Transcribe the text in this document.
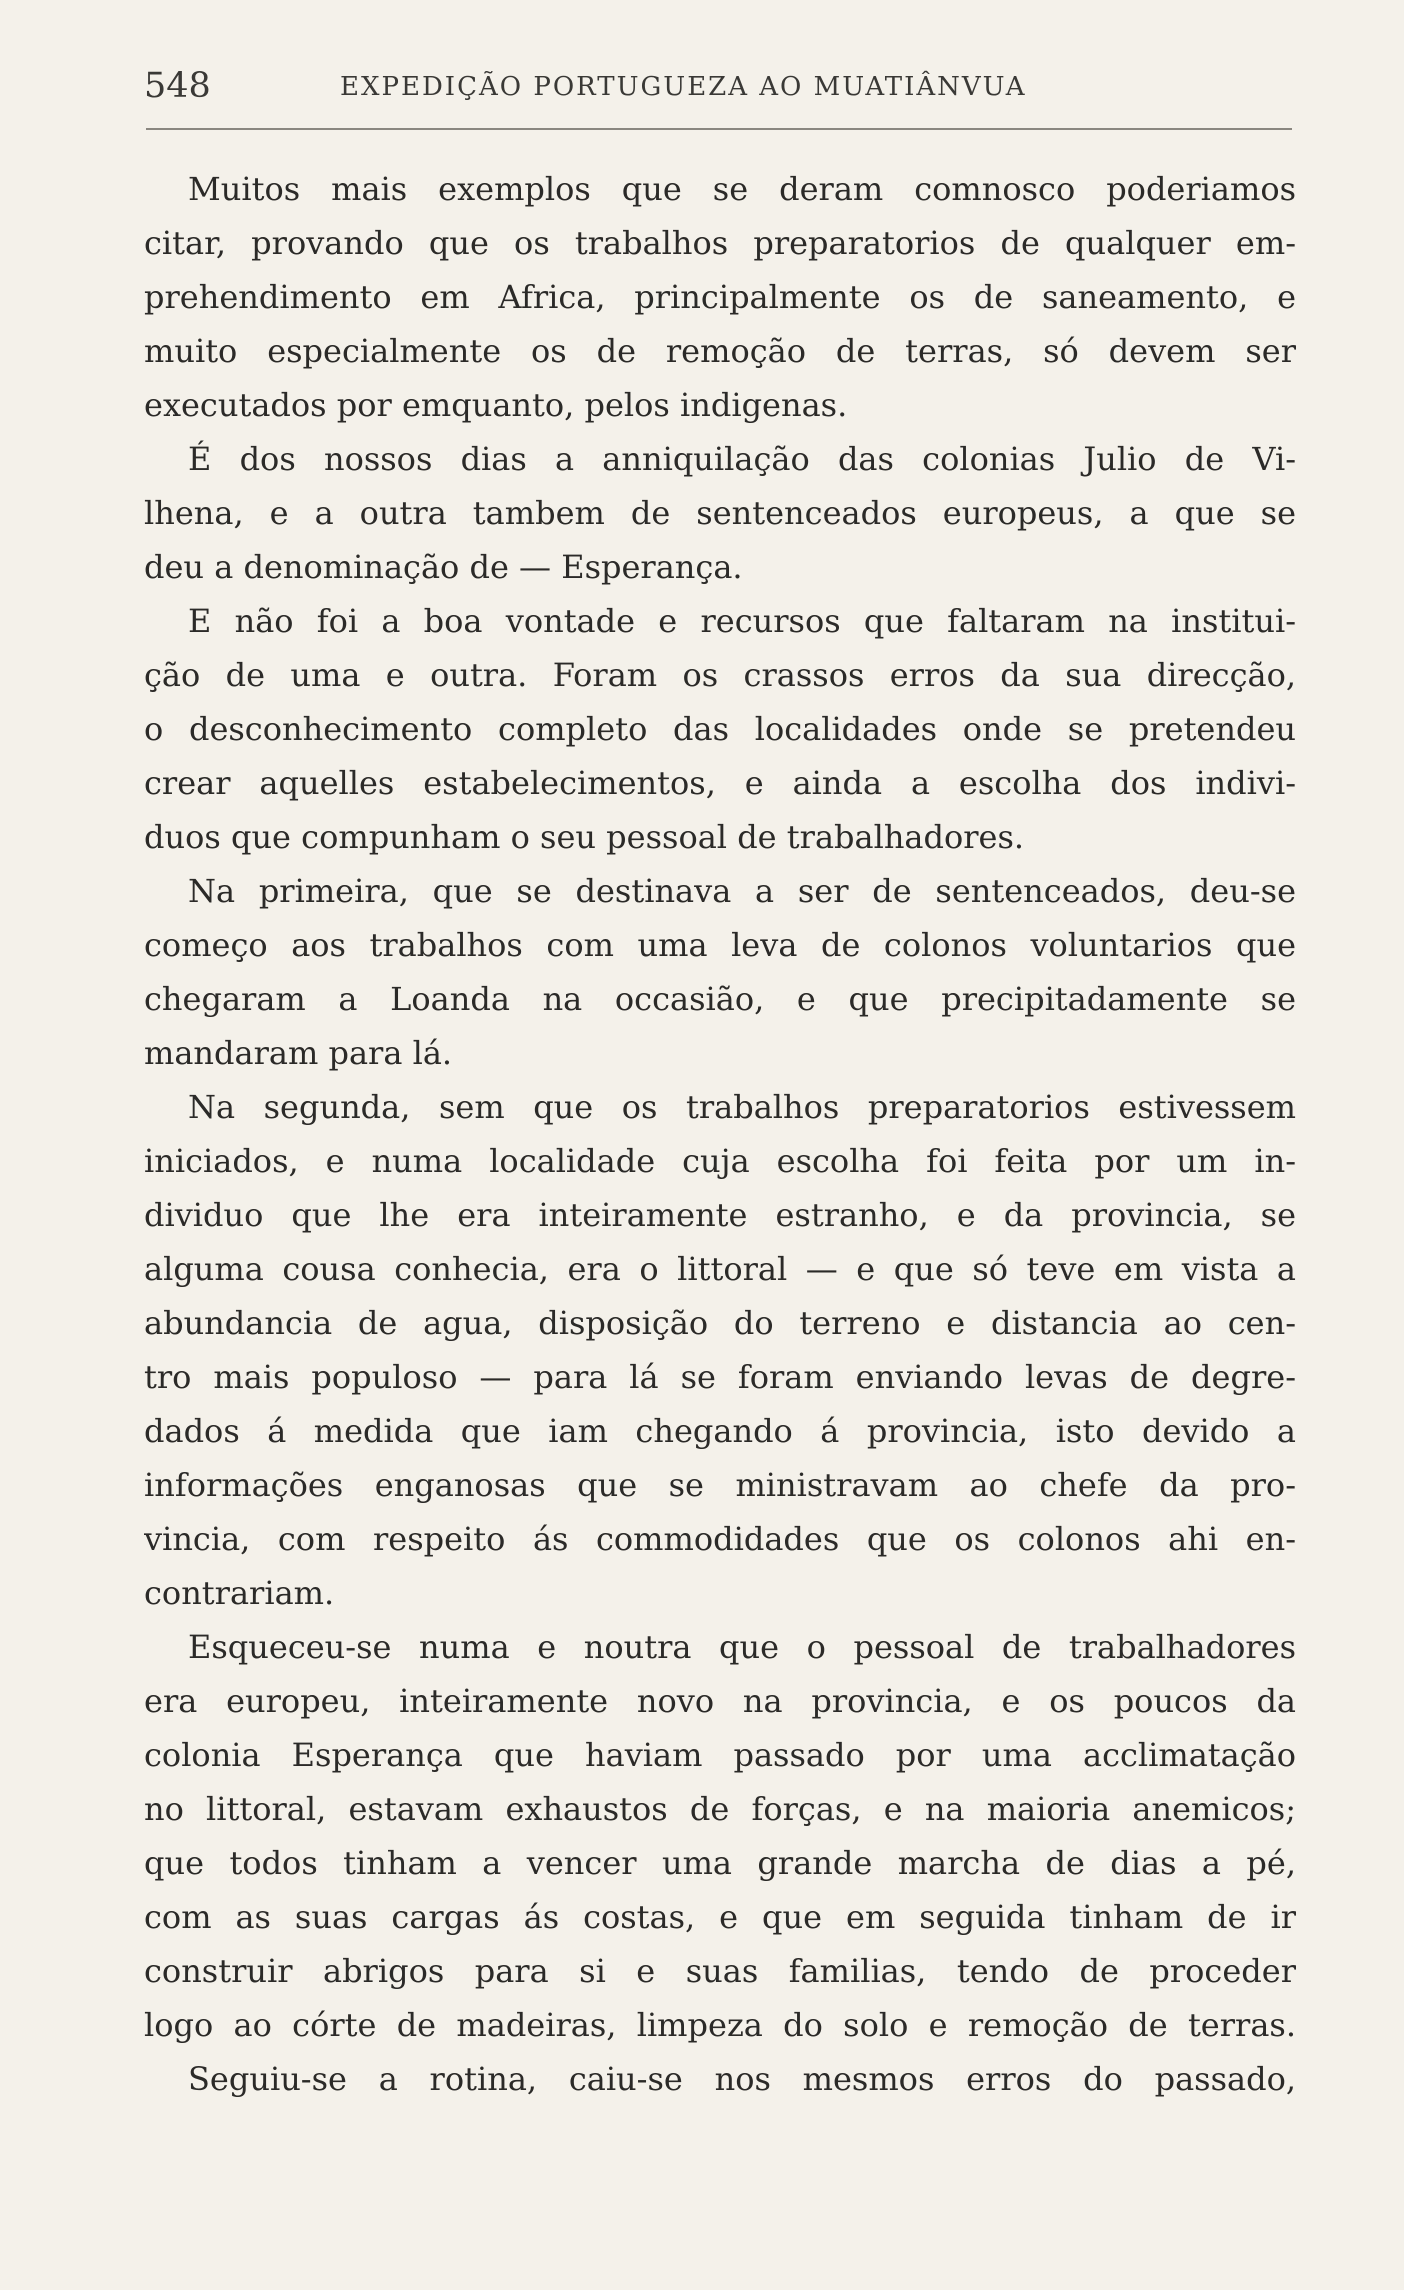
548	EXPEDIÇÃO PORTUGUEZA AO MUATIÂNVUA
Muitos mais exemplos que se deram comnosco poderiamos
citar, provando que os trabalhos preparatorios de qualquer em-
prehendimento em Africa, principalmente os de saneamento, e
muito especialmente os de remoção de terras, só devem ser
executados por emquanto, pelos indigenas.
É dos nossos dias a anniquilação das colonias Julio de Vi-
lhena, e a outra tambem de sentenceados europeus, a que se
deu a denominação de — Esperança.
E não foi a boa vontade e recursos que faltaram na institui-
ção de uma e outra. Foram os crassos erros da sua direcção,
o desconhecimento completo das localidades onde se pretendeu
crear aquelles estabelecimentos, e ainda a escolha dos indivi-
duos que compunham o seu pessoal de trabalhadores.
Na primeira, que se destinava a ser de sentenceados, deu-se
começo aos trabalhos com uma leva de colonos voluntarios que
chegaram a Loanda na occasião, e que precipitadamente se
mandaram para lá.
Na segunda, sem que os trabalhos preparatorios estivessem
iniciados, e numa localidade cuja escolha foi feita por um in-
dividuo que lhe era inteiramente estranho, e da provincia, se
alguma cousa conhecia, era o littoral — e que só teve em vista a
abundancia de agua, disposição do terreno e distancia ao cen-
tro mais populoso — para lá se foram enviando levas de degre-
dados á medida que iam chegando á provincia, isto devido a
informações enganosas que se ministravam ao chefe da pro-
vincia, com respeito ás commodidades que os colonos ahi en-
contrariam.
Esqueceu-se numa e noutra que o pessoal de trabalhadores
era europeu, inteiramente novo na provincia, e os poucos da
colonia Esperança que haviam passado por uma acclimatação
no littoral, estavam exhaustos de forças, e na maioria anemicos;
que todos tinham a vencer uma grande marcha de dias a pé,
com as suas cargas ás costas, e que em seguida tinham de ir
construir abrigos para si e suas familias, tendo de proceder
logo ao córte de madeiras, limpeza do solo e remoção de terras.
Seguiu-se a rotina, caiu-se nos mesmos erros do passado,
